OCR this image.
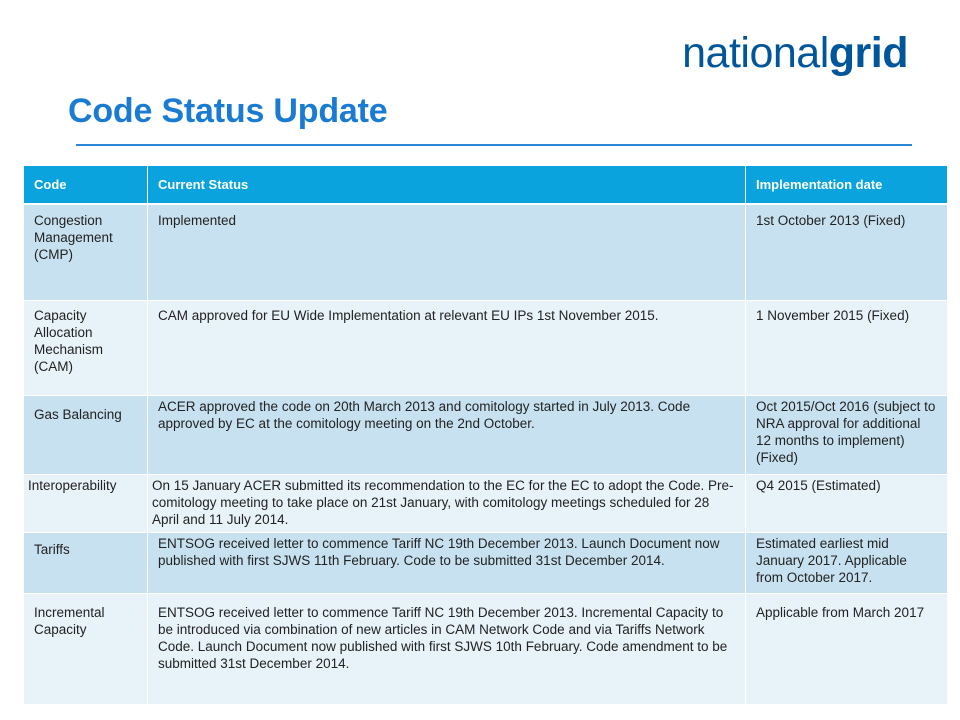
nationalgrid
Code Status Update
Code	Current Status	Implementation date
Congestion Management (CMP)	Implemented	1st October 2013 (Fixed)
Capacity Allocation Mechanism (CAM)	CAM approved for EU Wide Implementation at relevant EU IPs 1st November 2015.	1 November 2015 (Fixed)
Gas Balancing	ACER approved the code on 20th March 2013 and comitology started in July 2013. Code approved by EC at the comitology meeting on the 2nd October.	Oct 2015/Oct 2016 (subject to NRA approval for additional 12 months to implement) (Fixed)
Interoperability	On 15 January ACER submitted its recommendation to the EC for the EC to adopt the Code. Pre-comitology meeting to take place on 21st January, with comitology meetings scheduled for 28 April and 11 July 2014.	Q4 2015 (Estimated)
Tariffs	ENTSOG received letter to commence Tariff NC 19th December 2013. Launch Document now published with first SJWS 11th February. Code to be submitted 31st December 2014.	Estimated earliest mid January 2017. Applicable from October 2017.
Incremental Capacity	ENTSOG received letter to commence Tariff NC 19th December 2013. Incremental Capacity to be introduced via combination of new articles in CAM Network Code and via Tariffs Network Code. Launch Document now published with first SJWS 10th February. Code amendment to be submitted 31st December 2014.	Applicable from March 2017
